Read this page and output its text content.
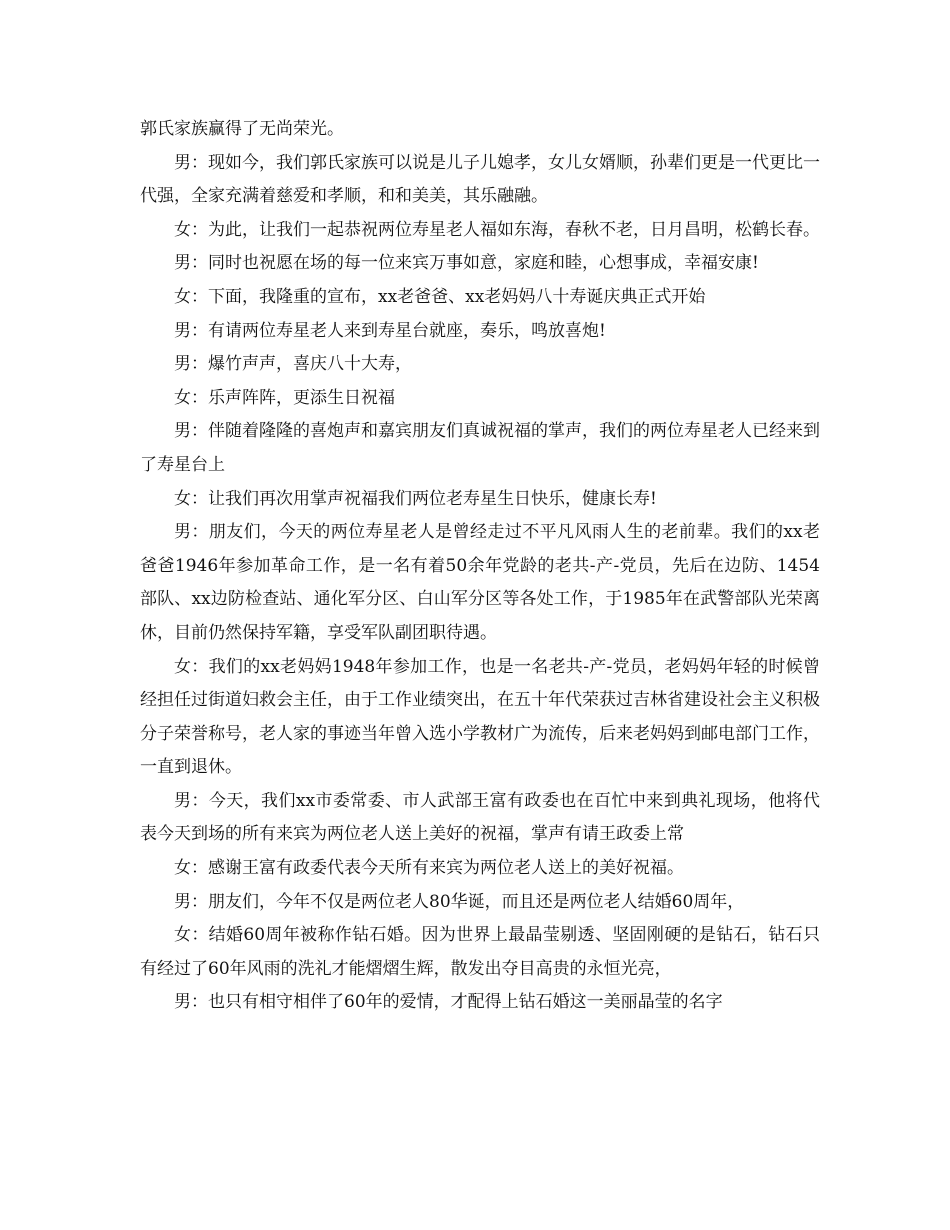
郭氏家族赢得了无尚荣光。

男：现如今，我们郭氏家族可以说是儿子儿媳孝，女儿女婿顺，孙辈们更是一代更比一代强，全家充满着慈爱和孝顺，和和美美，其乐融融。

女：为此，让我们一起恭祝两位寿星老人福如东海，春秋不老，日月昌明，松鹤长春。

男：同时也祝愿在场的每一位来宾万事如意，家庭和睦，心想事成，幸福安康!

女：下面，我隆重的宣布，xx老爸爸、xx老妈妈八十寿诞庆典正式开始

男：有请两位寿星老人来到寿星台就座，奏乐，鸣放喜炮!

男：爆竹声声，喜庆八十大寿，

女：乐声阵阵，更添生日祝福

男：伴随着隆隆的喜炮声和嘉宾朋友们真诚祝福的掌声，我们的两位寿星老人已经来到了寿星台上

女：让我们再次用掌声祝福我们两位老寿星生日快乐，健康长寿!

男：朋友们，今天的两位寿星老人是曾经走过不平凡风雨人生的老前辈。我们的xx老爸爸1946年参加革命工作，是一名有着50余年党龄的老共-产-党员，先后在边防、1454部队、xx边防检查站、通化军分区、白山军分区等各处工作，于1985年在武警部队光荣离休，目前仍然保持军籍，享受军队副团职待遇。

女：我们的xx老妈妈1948年参加工作，也是一名老共-产-党员，老妈妈年轻的时候曾经担任过街道妇救会主任，由于工作业绩突出，在五十年代荣获过吉林省建设社会主义积极分子荣誉称号，老人家的事迹当年曾入选小学教材广为流传，后来老妈妈到邮电部门工作，一直到退休。

男：今天，我们xx市委常委、市人武部王富有政委也在百忙中来到典礼现场，他将代表今天到场的所有来宾为两位老人送上美好的祝福，掌声有请王政委上常

女：感谢王富有政委代表今天所有来宾为两位老人送上的美好祝福。

男：朋友们，今年不仅是两位老人80华诞，而且还是两位老人结婚60周年，

女：结婚60周年被称作钻石婚。因为世界上最晶莹剔透、坚固刚硬的是钻石，钻石只有经过了60年风雨的洗礼才能熠熠生辉，散发出夺目高贵的永恒光亮，

男：也只有相守相伴了60年的爱情，才配得上钻石婚这一美丽晶莹的名字
